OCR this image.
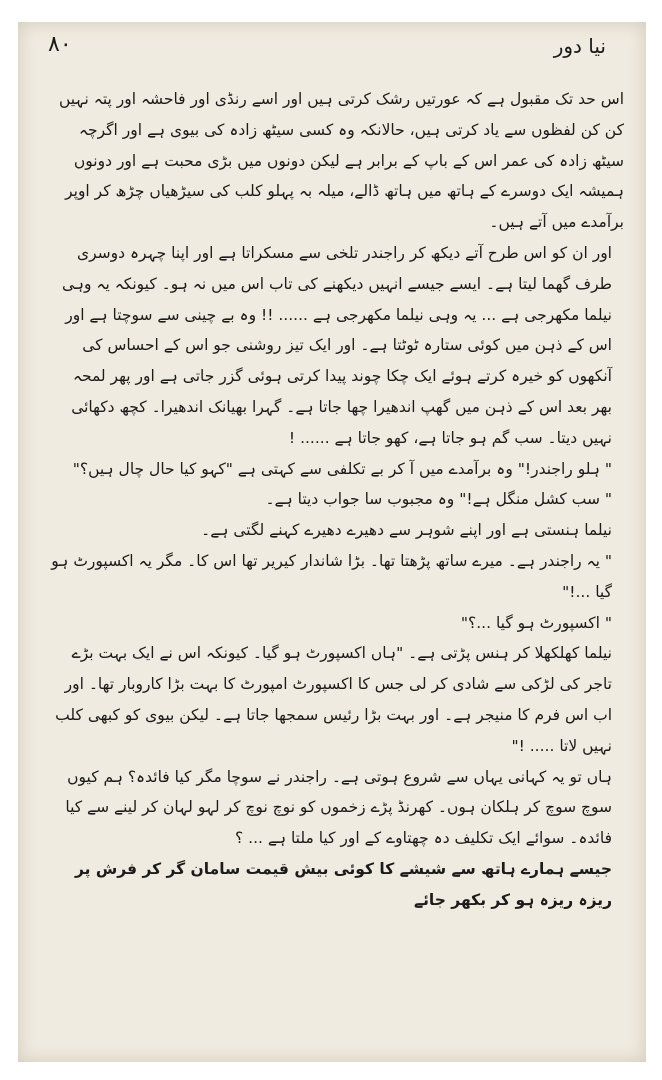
نیا دور
۸۰

اس حد تک مقبول ہے کہ عورتیں رشک کرتی ہیں اور اسے رنڈی اور فاحشہ اور پتہ نہیں کن کن لفظوں سے یاد کرتی ہیں، حالانکہ وہ کسی سیٹھ زادہ کی بیوی ہے اور اگرچہ سیٹھ زادہ کی عمر اس کے باپ کے برابر ہے لیکن دونوں میں بڑی محبت ہے اور دونوں ہمیشہ ایک دوسرے کے ہاتھ میں ہاتھ ڈالے، میلہ بہ پہلو کلب کی سیڑھیاں چڑھ کر اوپر برآمدے میں آتے ہیں۔

اور ان کو اس طرح آتے دیکھ کر راجندر تلخی سے مسکراتا ہے اور اپنا چہرہ دوسری طرف گھما لیتا ہے۔ ایسے جیسے انہیں دیکھنے کی تاب اس میں نہ ہو۔ کیونکہ یہ وہی نیلما مکھرجی ہے ... یہ وہی نیلما مکھرجی ہے ...... !! وہ بے چینی سے سوچتا ہے اور اس کے ذہن میں کوئی ستارہ ٹوٹتا ہے۔ اور ایک تیز روشنی جو اس کے احساس کی آنکھوں کو خیرہ کرتے ہوئے ایک چکا چوند پیدا کرتی ہوئی گزر جاتی ہے اور پھر لمحہ بھر بعد اس کے ذہن میں گھپ اندھیرا چھا جاتا ہے۔ گہرا بھیانک اندھیرا۔ کچھ دکھائی نہیں دیتا۔ سب گم ہو جاتا ہے، کھو جاتا ہے ...... !

" ہلو راجندر!" وہ برآمدے میں آ کر بے تکلفی سے کہتی ہے "کہو کیا حال چال ہیں؟"

" سب کشل منگل ہے!" وہ مجبوب سا جواب دیتا ہے۔

نیلما ہنستی ہے اور اپنے شوہر سے دھیرے دھیرے کہنے لگتی ہے۔

" یہ راجندر ہے۔ میرے ساتھ پڑھتا تھا۔ بڑا شاندار کیریر تھا اس کا۔ مگر یہ اکسپورٹ ہو گیا ...!"

" اکسپورٹ ہو گیا ...؟"

نیلما کھلکھلا کر ہنس پڑتی ہے۔ "ہاں اکسپورٹ ہو گیا۔ کیونکہ اس نے ایک بہت بڑے تاجر کی لڑکی سے شادی کر لی جس کا اکسپورٹ امپورٹ کا بہت بڑا کاروبار تھا۔ اور اب اس فرم کا منیجر ہے۔ اور بہت بڑا رئیس سمجھا جاتا ہے۔ لیکن بیوی کو کبھی کلب نہیں لاتا ..... !"

ہاں تو یہ کہانی یہاں سے شروع ہوتی ہے۔ راجندر نے سوچا مگر کیا فائدہ؟ ہم کیوں سوچ سوچ کر ہلکان ہوں۔ کھرنڈ پڑے زخموں کو نوچ نوچ کر لہو لہان کر لینے سے کیا فائدہ۔ سوائے ایک تکلیف دہ چھتاوے کے اور کیا ملتا ہے ... ؟

جیسے ہمارے ہاتھ سے شیشے کا کوئی بیش قیمت سامان گر کر فرش پر ریزہ ریزہ ہو کر بکھر جائے
